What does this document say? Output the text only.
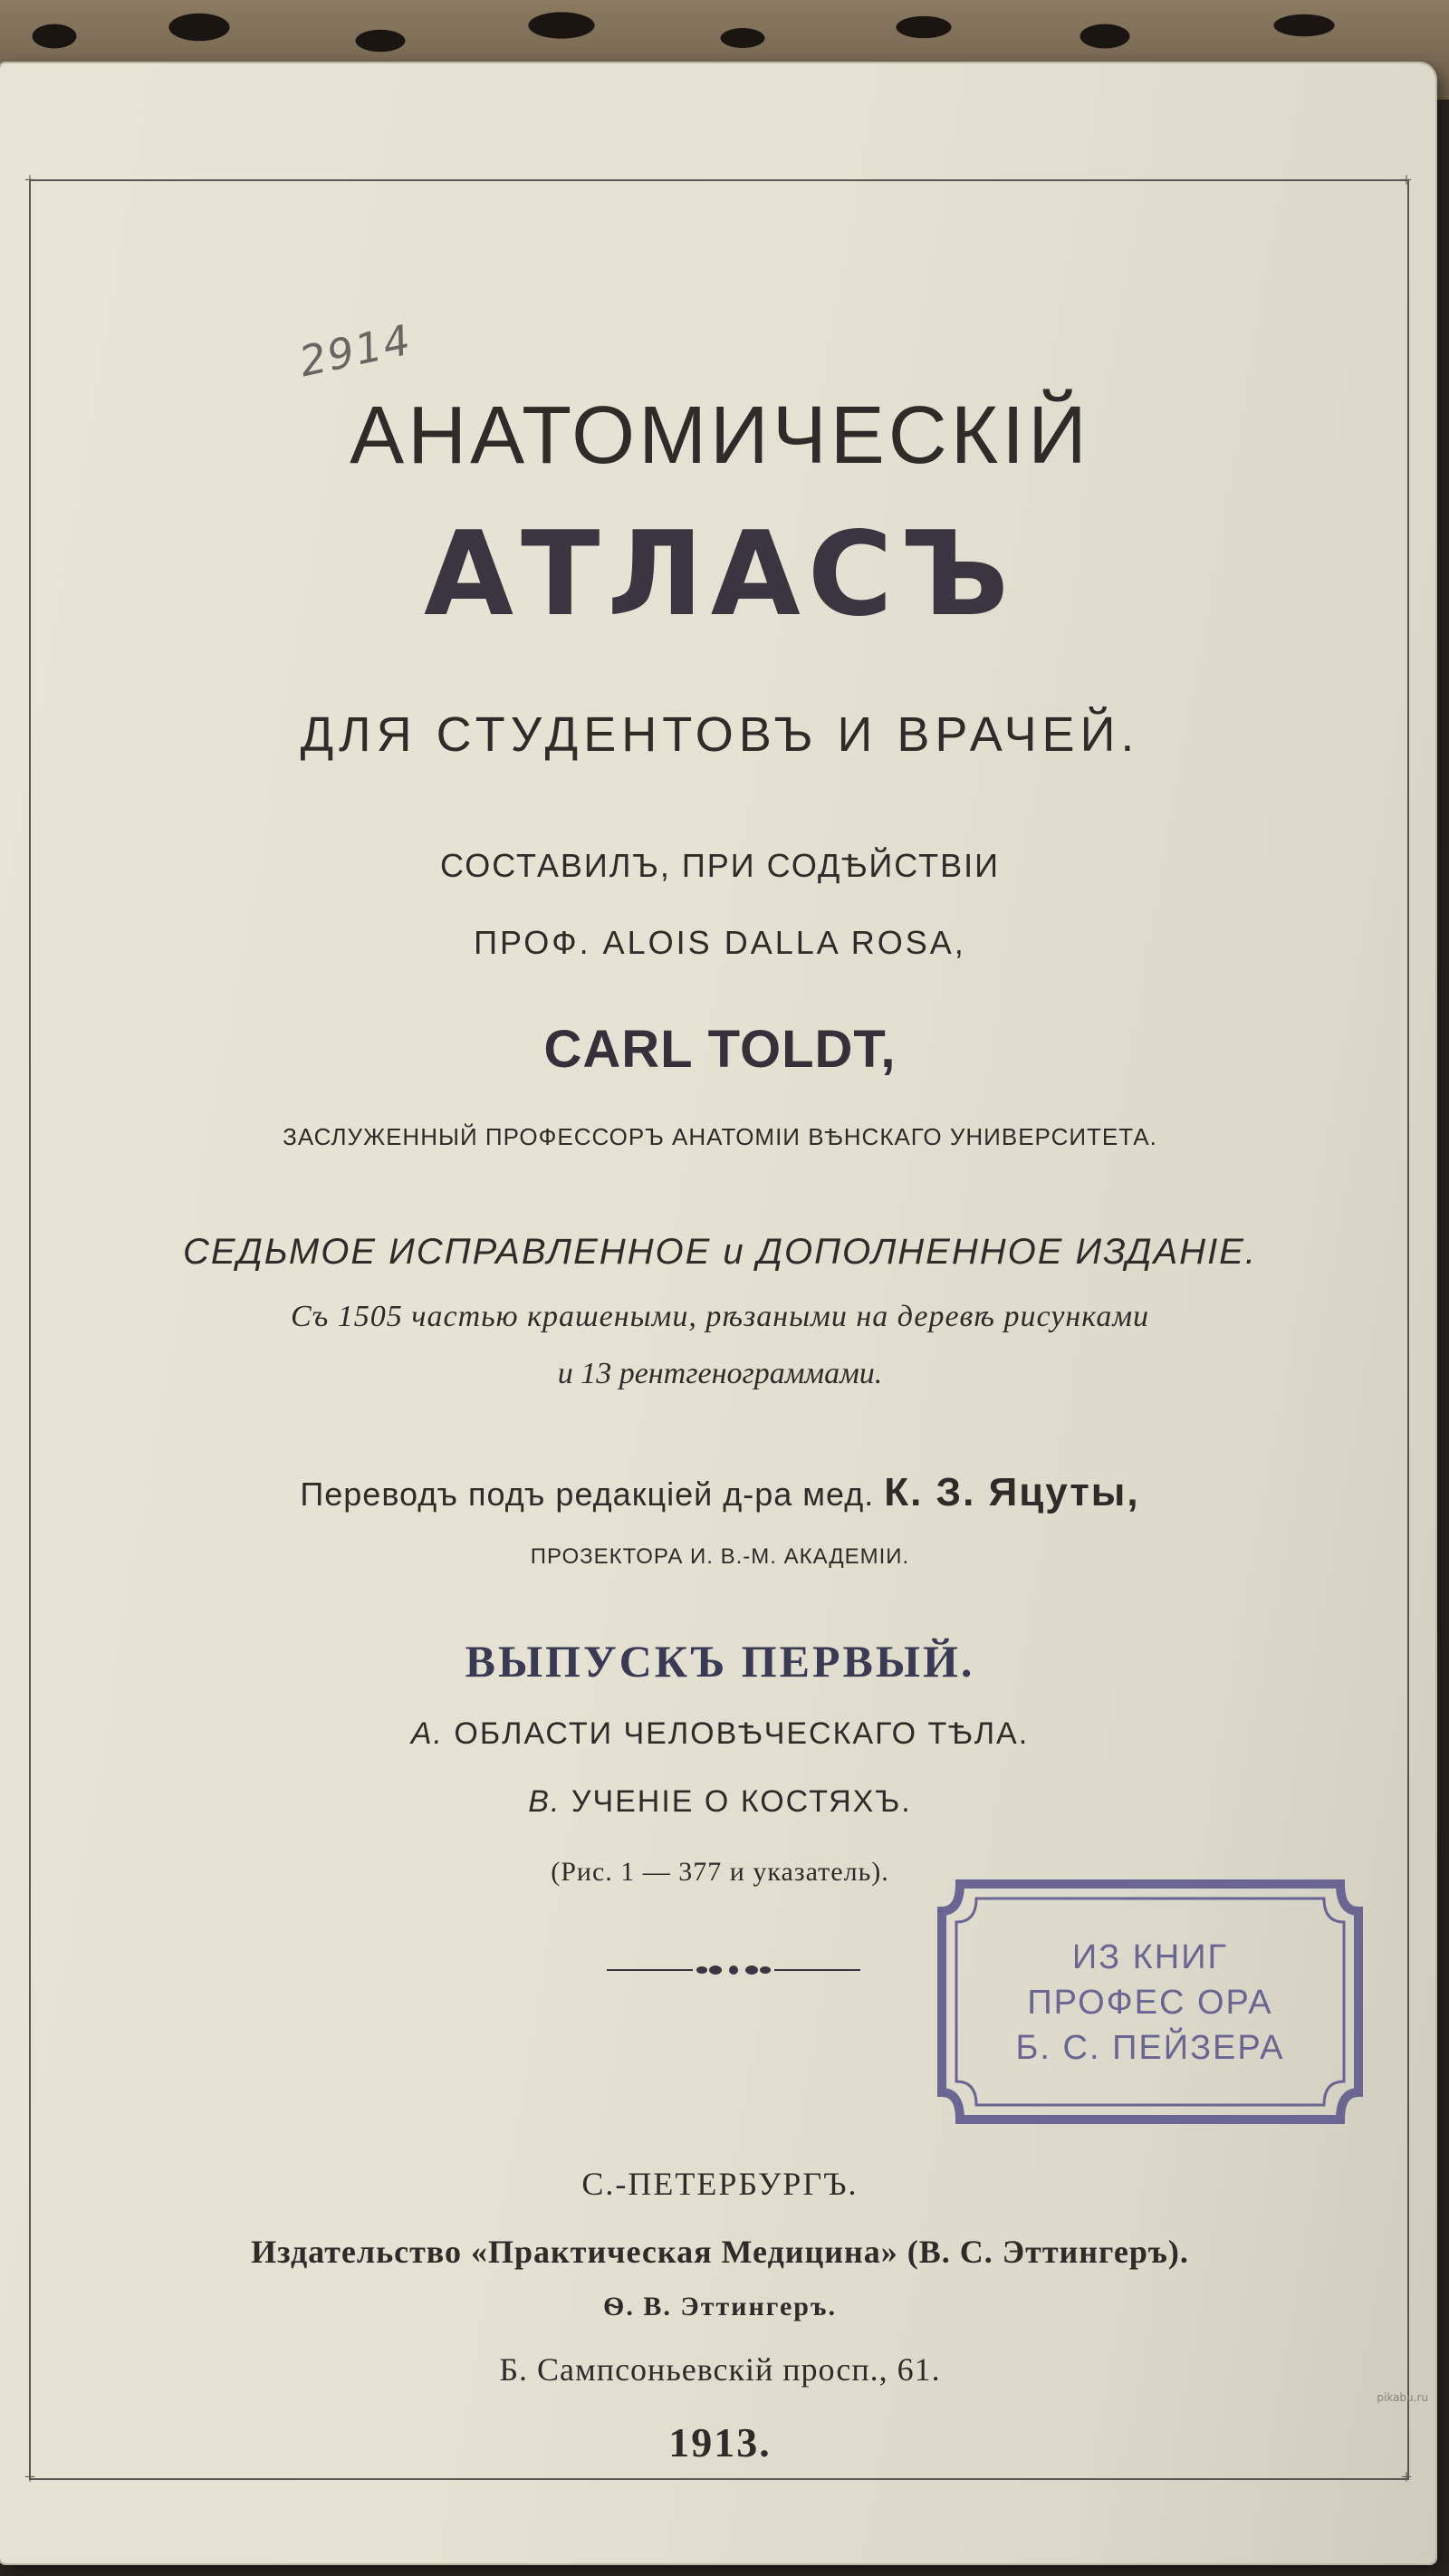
+	+
+	+
2914
АНАТОМИЧЕСКІЙ
АТЛАСЪ
ДЛЯ СТУДЕНТОВЪ И ВРАЧЕЙ.
СОСТАВИЛЪ, ПРИ СОДѢЙСТВІИ
ПРОФ. ALOIS DALLA ROSA,
CARL TOLDT,
ЗАСЛУЖЕННЫЙ ПРОФЕССОРЪ АНАТОМІИ ВѢНСКАГО УНИВЕРСИТЕТА.
СЕДЬМОЕ ИСПРАВЛЕННОЕ и ДОПОЛНЕННОЕ ИЗДАНІЕ.
Съ 1505 частью крашеными, рѣзаными на деревѣ рисунками
и 13 рентгенограммами.
Переводъ подъ редакціей д-ра мед. К. З. Яцуты,
ПРОЗЕКТОРА И. В.-М. АКАДЕМІИ.
ВЫПУСКЪ ПЕРВЫЙ.
A. ОБЛАСТИ ЧЕЛОВѢЧЕСКАГО ТѢЛА.
B. УЧЕНІЕ О КОСТЯХЪ.
(Рис. 1 — 377 и указатель).
ИЗ КНИГ
ПРОФЕС ОРА
Б. С. ПЕЙЗЕРА
С.-ПЕТЕРБУРГЪ.
Издательство «Практическая Медицина» (В. С. Эттингеръ).
Ѳ. В. Эттингеръ.
Б. Сампсоньевскій просп., 61.
1913.
pikabu.ru
